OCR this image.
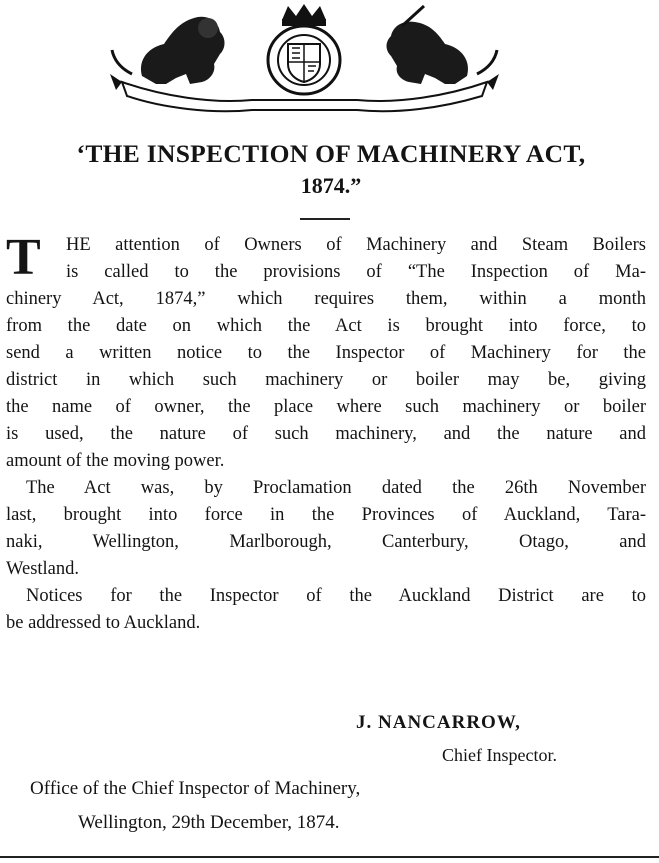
‘THE INSPECTION OF MACHINERY ACT,
1874.”
T	HE attention of Owners of Machinery and Steam Boilers
is called to the provisions of “The Inspection of Ma-
chinery Act, 1874,” which requires them, within a month
from the date on which the Act is brought into force, to
send a written notice to the Inspector of Machinery for the
district in which such machinery or boiler may be, giving
the name of owner, the place where such machinery or boiler
is used, the nature of such machinery, and the nature and
amount of the moving power.
The Act was, by Proclamation dated the 26th November
last, brought into force in the Provinces of Auckland, Tara-
naki, Wellington, Marlborough, Canterbury, Otago, and
Westland.
Notices for the Inspector of the Auckland District are to
be addressed to Auckland.
J. NANCARROW,
Chief Inspector.
Office of the Chief Inspector of Machinery,
Wellington, 29th December, 1874.
